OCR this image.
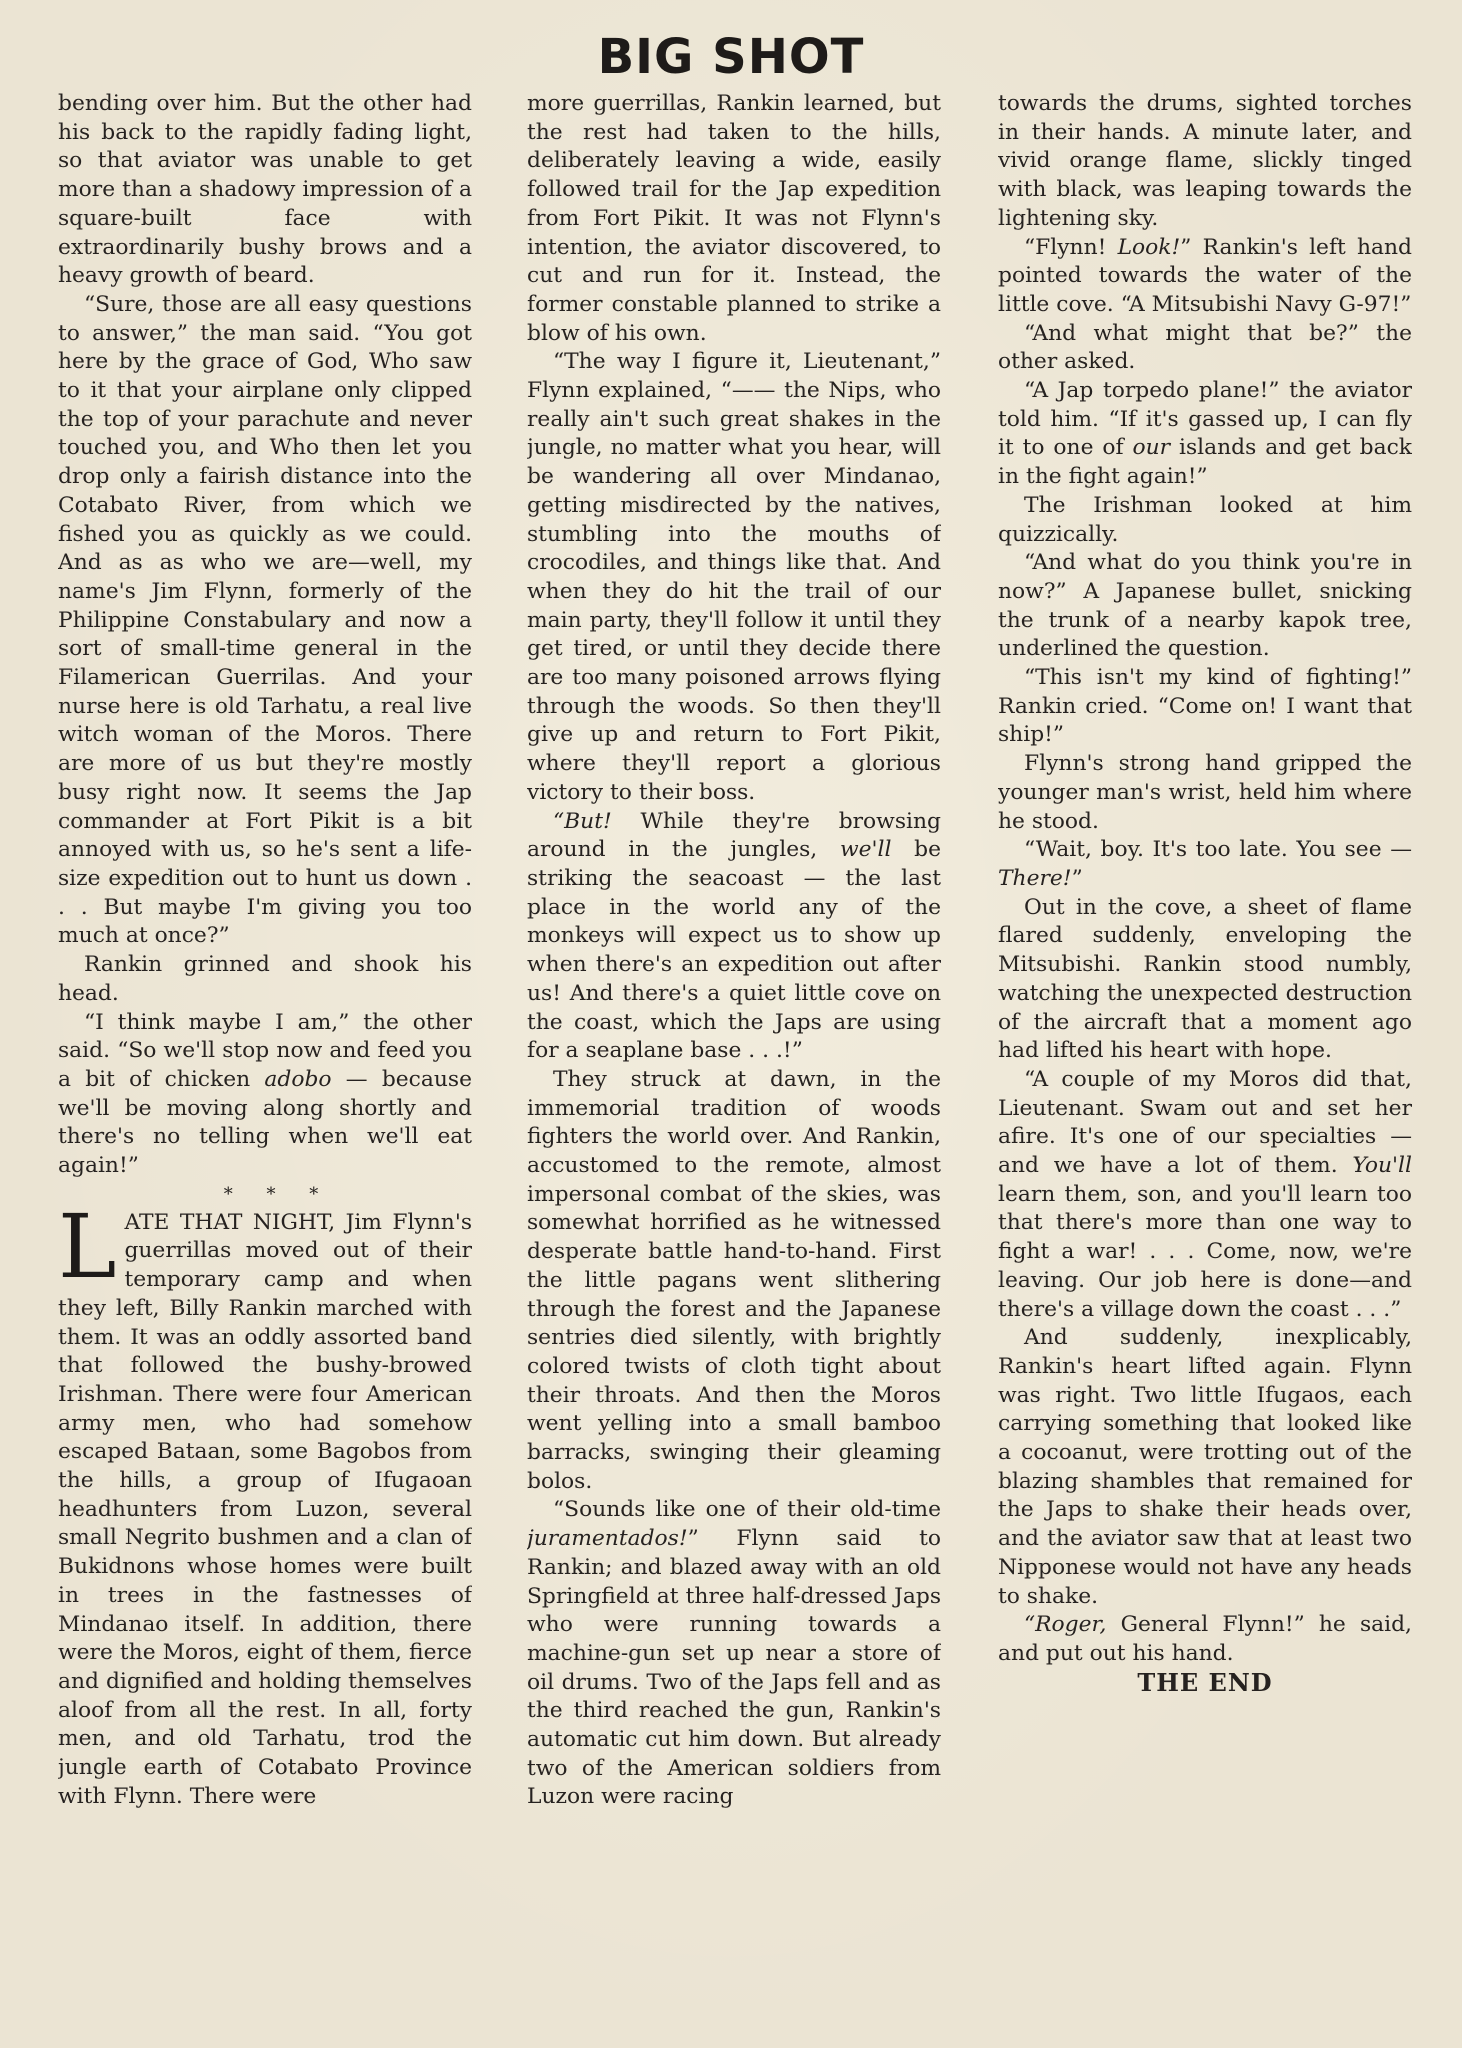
BIG SHOT

bending over him. But the other had his back to the rapidly fading light, so that aviator was unable to get more than a shadowy impression of a square-built face with extraordinarily bushy brows and a heavy growth of beard.

“Sure, those are all easy questions to answer,” the man said. “You got here by the grace of God, Who saw to it that your airplane only clipped the top of your parachute and never touched you, and Who then let you drop only a fairish distance into the Cotabato River, from which we fished you as quickly as we could. And as as who we are—well, my name's Jim Flynn, formerly of the Philippine Constabulary and now a sort of small-time general in the Filamerican Guerrilas. And your nurse here is old Tarhatu, a real live witch woman of the Moros. There are more of us but they're mostly busy right now. It seems the Jap commander at Fort Pikit is a bit annoyed with us, so he's sent a life-size expedition out to hunt us down . . . But maybe I'm giving you too much at once?”

Rankin grinned and shook his head.

“I think maybe I am,” the other said. “So we'll stop now and feed you a bit of chicken adobo — because we'll be moving along shortly and there's no telling when we'll eat again!”

* * *

LATE THAT NIGHT, Jim Flynn's guerrillas moved out of their temporary camp and when they left, Billy Rankin marched with them. It was an oddly assorted band that followed the bushy-browed Irishman. There were four American army men, who had somehow escaped Bataan, some Bagobos from the hills, a group of Ifugaoan headhunters from Luzon, several small Negrito bushmen and a clan of Bukidnons whose homes were built in trees in the fastnesses of Mindanao itself. In addition, there were the Moros, eight of them, fierce and dignified and holding themselves aloof from all the rest. In all, forty men, and old Tarhatu, trod the jungle earth of Cotabato Province with Flynn. There were

more guerrillas, Rankin learned, but the rest had taken to the hills, deliberately leaving a wide, easily followed trail for the Jap expedition from Fort Pikit. It was not Flynn's intention, the aviator discovered, to cut and run for it. Instead, the former constable planned to strike a blow of his own.

“The way I figure it, Lieutenant,” Flynn explained, “—— the Nips, who really ain't such great shakes in the jungle, no matter what you hear, will be wandering all over Mindanao, getting misdirected by the natives, stumbling into the mouths of crocodiles, and things like that. And when they do hit the trail of our main party, they'll follow it until they get tired, or until they decide there are too many poisoned arrows flying through the woods. So then they'll give up and return to Fort Pikit, where they'll report a glorious victory to their boss.

“But! While they're browsing around in the jungles, we'll be striking the seacoast — the last place in the world any of the monkeys will expect us to show up when there's an expedition out after us! And there's a quiet little cove on the coast, which the Japs are using for a seaplane base . . .!”

They struck at dawn, in the immemorial tradition of woods fighters the world over. And Rankin, accustomed to the remote, almost impersonal combat of the skies, was somewhat horrified as he witnessed desperate battle hand-to-hand. First the little pagans went slithering through the forest and the Japanese sentries died silently, with brightly colored twists of cloth tight about their throats. And then the Moros went yelling into a small bamboo barracks, swinging their gleaming bolos.

“Sounds like one of their old-time juramentados!” Flynn said to Rankin; and blazed away with an old Springfield at three half-dressed Japs who were running towards a machine-gun set up near a store of oil drums. Two of the Japs fell and as the third reached the gun, Rankin's automatic cut him down. But already two of the American soldiers from Luzon were racing

towards the drums, sighted torches in their hands. A minute later, and vivid orange flame, slickly tinged with black, was leaping towards the lightening sky.

“Flynn! Look!” Rankin's left hand pointed towards the water of the little cove. “A Mitsubishi Navy G-97!”

“And what might that be?” the other asked.

“A Jap torpedo plane!” the aviator told him. “If it's gassed up, I can fly it to one of our islands and get back in the fight again!”

The Irishman looked at him quizzically.

“And what do you think you're in now?” A Japanese bullet, snicking the trunk of a nearby kapok tree, underlined the question.

“This isn't my kind of fighting!” Rankin cried. “Come on! I want that ship!”

Flynn's strong hand gripped the younger man's wrist, held him where he stood.

“Wait, boy. It's too late. You see — There!”

Out in the cove, a sheet of flame flared suddenly, enveloping the Mitsubishi. Rankin stood numbly, watching the unexpected destruction of the aircraft that a moment ago had lifted his heart with hope.

“A couple of my Moros did that, Lieutenant. Swam out and set her afire. It's one of our specialties — and we have a lot of them. You'll learn them, son, and you'll learn too that there's more than one way to fight a war! . . . Come, now, we're leaving. Our job here is done—and there's a village down the coast . . .”

And suddenly, inexplicably, Rankin's heart lifted again. Flynn was right. Two little Ifugaos, each carrying something that looked like a cocoanut, were trotting out of the blazing shambles that remained for the Japs to shake their heads over, and the aviator saw that at least two Nipponese would not have any heads to shake.

“Roger, General Flynn!” he said, and put out his hand.

THE END
